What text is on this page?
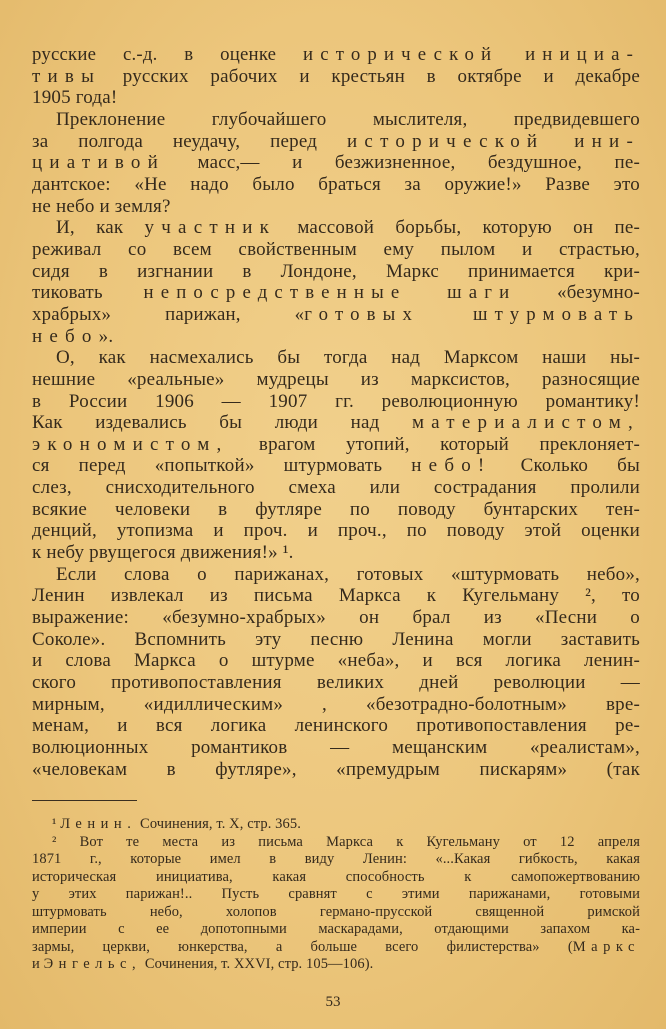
русские с.-д. в оценке исторической инициа-
тивы русских рабочих и крестьян в октябре и декабре
1905 года!
Преклонение глубочайшего мыслителя, предвидевшего
за полгода неудачу, перед исторической ини-
циативой масс,— и безжизненное, бездушное, пе-
дантское: «Не надо было браться за оружие!» Разве это
не небо и земля?
И, как участник массовой борьбы, которую он пе-
реживал со всем свойственным ему пылом и страстью,
сидя в изгнании в Лондоне, Маркс принимается кри-
тиковать непосредственные шаги «безумно-
храбрых» парижан, «готовых	штурмовать
небо».
О, как насмехались бы тогда над Марксом наши ны-
нешние «реальные» мудрецы из марксистов, разносящие
в России 1906 — 1907 гг. революционную романтику!
Как издевались бы люди над материалистом,
экономистом, врагом утопий, который преклоняет-
ся перед «попыткой» штурмовать небо! Сколько бы
слез, снисходительного смеха или сострадания пролили
всякие человеки в футляре по поводу бунтарских тен-
денций, утопизма и проч. и проч., по поводу этой оценки
к небу рвущегося движения!» ¹.
Если слова о парижанах, готовых «штурмовать небо»,
Ленин извлекал из письма Маркса к Кугельману ², то
выражение: «безумно-храбрых» он брал из «Песни о
Соколе». Вспомнить эту песню Ленина могли заставить
и слова Маркса о штурме «неба», и вся логика ленин-
ского противопоставления великих дней революции —
мирным, «идиллическим» , «безотрадно-болотным» вре-
менам, и вся логика ленинского противопоставления ре-
волюционных романтиков — мещанским «реалистам»,
«человекам в футляре», «премудрым пискарям» (так
¹ Ленин. Сочинения, т. X, стр. 365.
² Вот те места из письма Маркса к Кугельману от 12 апреля
1871 г., которые имел в виду Ленин: «...Какая гибкость, какая
историческая инициатива, какая способность к самопожертвованию
у этих парижан!.. Пусть сравнят с этими парижанами, готовыми
штурмовать небо, холопов германо-прусской священной римской
империи с ее допотопными маскарадами, отдающими запахом ка-
зармы, церкви, юнкерства, а больше всего филистерства» (Маркс
и Энгельс, Сочинения, т. XXVI, стр. 105—106).
53
